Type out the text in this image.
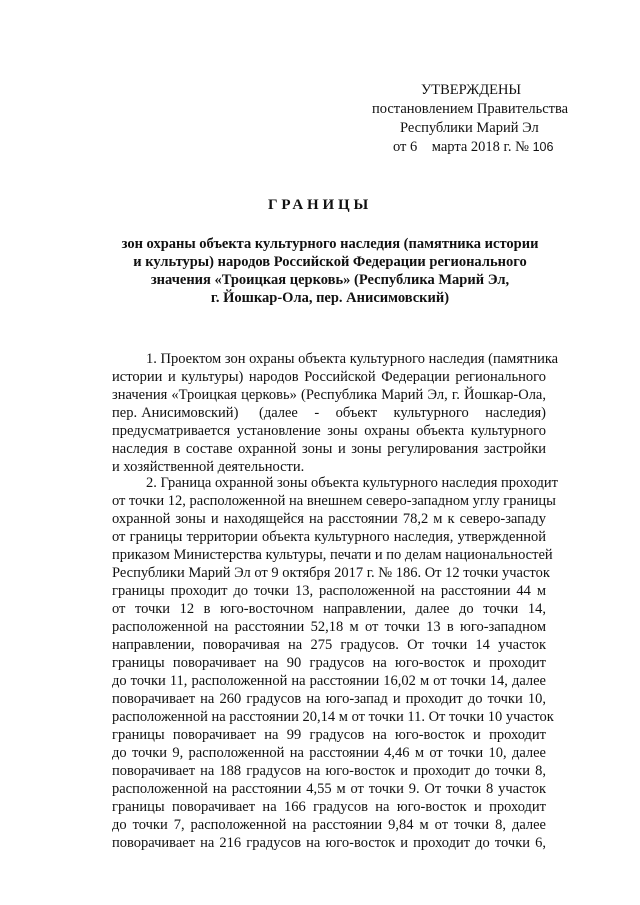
УТВЕРЖДЕНЫ
постановлением Правительства
Республики Марий Эл
от 6    марта 2018 г. № 106
ГРАНИЦЫ
зон охраны объекта культурного наследия (памятника истории
и культуры) народов Российской Федерации регионального
значения «Троицкая церковь» (Республика Марий Эл,
г. Йошкар-Ола, пер. Анисимовский)
1. Проектом зон охраны объекта культурного наследия (памятника
истории и культуры) народов Российской Федерации регионального
значения «Троицкая церковь» (Республика Марий Эл, г. Йошкар-Ола,
пер. Анисимовский)     (далее    -    объект    культурного    наследия)
предусматривается установление зоны охраны объекта культурного
наследия в составе охранной зоны и зоны регулирования застройки
и хозяйственной деятельности.
2. Граница охранной зоны объекта культурного наследия проходит
от точки 12, расположенной на внешнем северо-западном углу границы
охранной зоны и находящейся на расстоянии 78,2 м к северо-западу
от границы территории объекта культурного наследия, утвержденной
приказом Министерства культуры, печати и по делам национальностей
Республики Марий Эл от 9 октября 2017 г. № 186. От 12 точки участок
границы проходит до точки 13, расположенной на расстоянии 44 м
от точки 12 в юго-восточном направлении, далее до точки 14,
расположенной на расстоянии 52,18 м от точки 13 в юго-западном
направлении, поворачивая на 275 градусов. От точки 14 участок
границы поворачивает на 90 градусов на юго-восток и проходит
до точки 11, расположенной на расстоянии 16,02 м от точки 14, далее
поворачивает на 260 градусов на юго-запад и проходит до точки 10,
расположенной на расстоянии 20,14 м от точки 11. От точки 10 участок
границы поворачивает на 99 градусов на юго-восток и проходит
до точки 9, расположенной на расстоянии 4,46 м от точки 10, далее
поворачивает на 188 градусов на юго-восток и проходит до точки 8,
расположенной на расстоянии 4,55 м от точки 9. От точки 8 участок
границы поворачивает на 166 градусов на юго-восток и проходит
до точки 7, расположенной на расстоянии 9,84 м от точки 8, далее
поворачивает на 216 градусов на юго-восток и проходит до точки 6,
